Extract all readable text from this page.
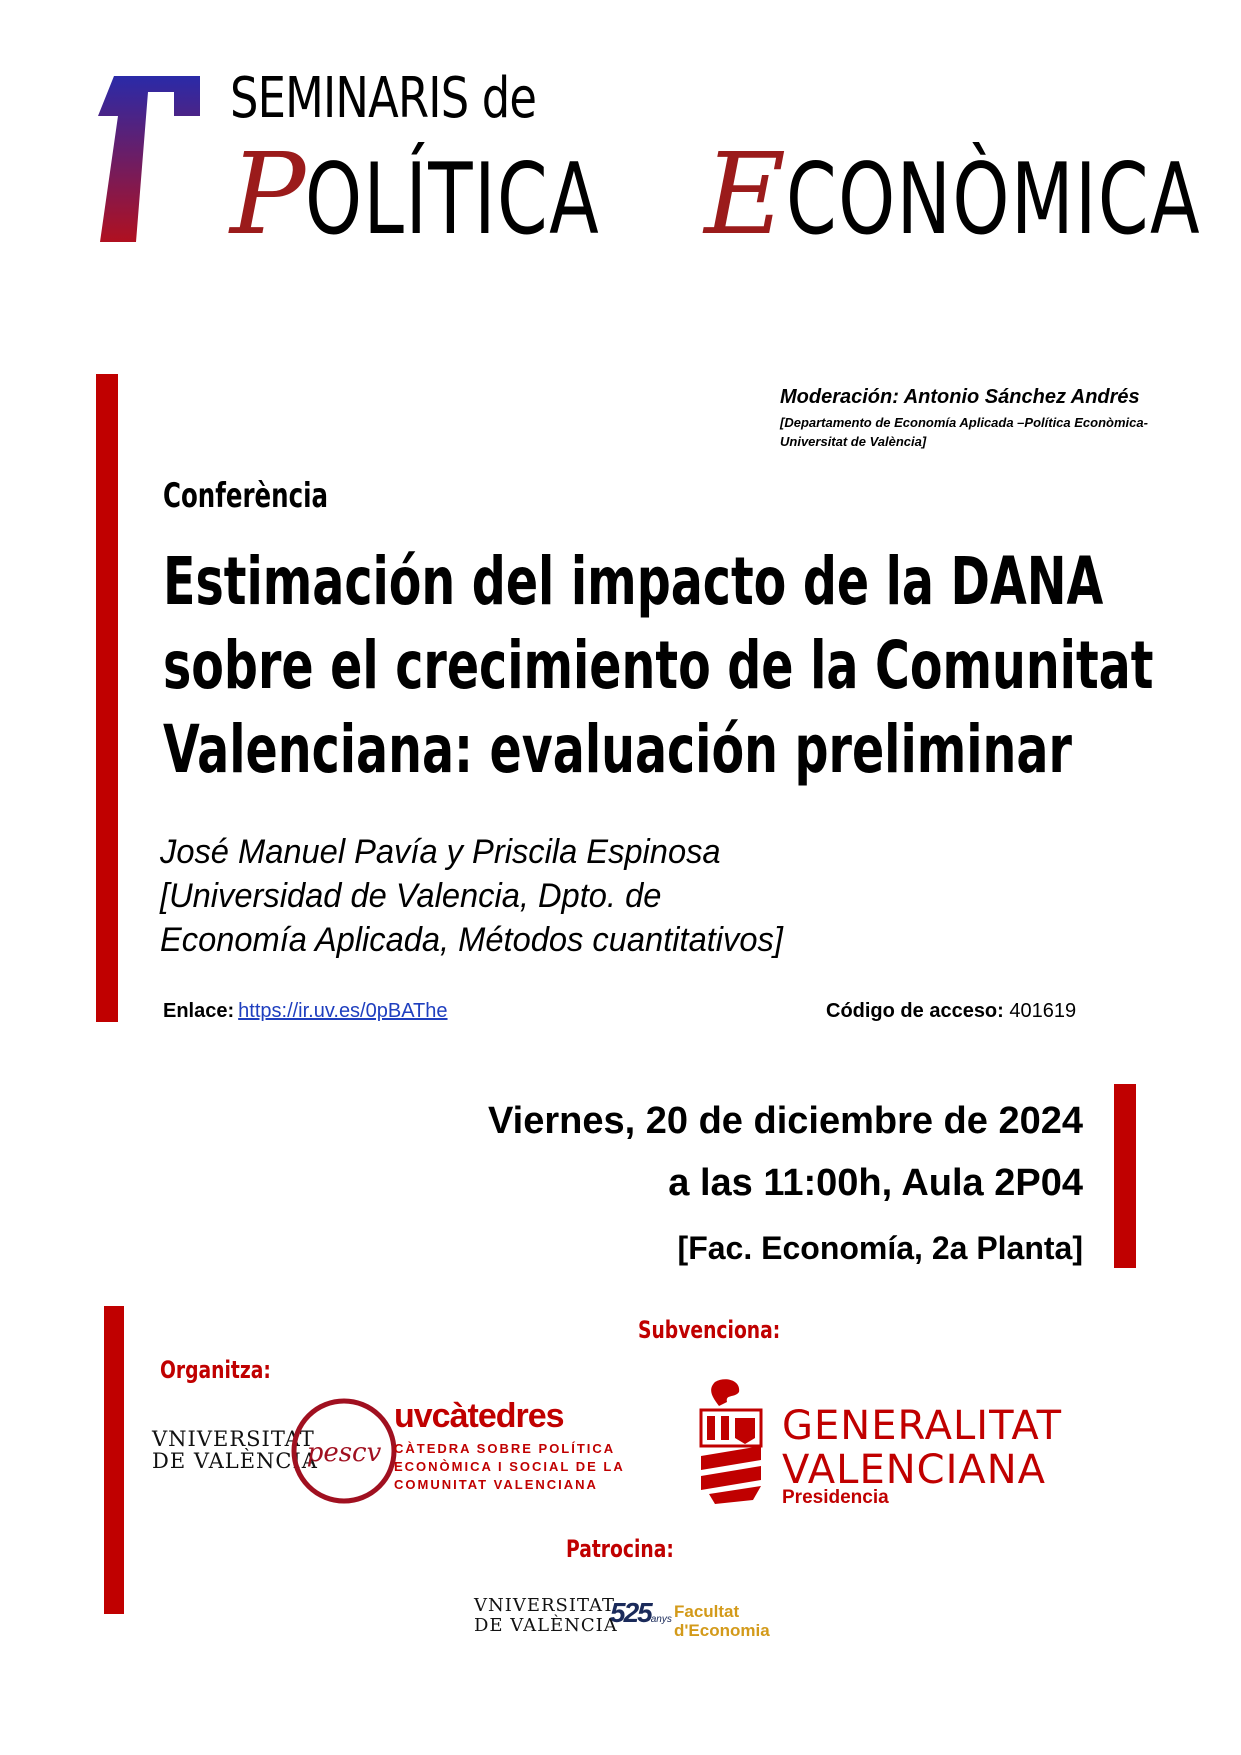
SEMINARIS de
POLÍTICAECONÒMICA
Moderación: Antonio Sánchez Andrés
[Departamento de Economía Aplicada –Política Econòmica-
Universitat de València]
Conferència
Estimación del impacto de la DANA
sobre el crecimiento de la Comunitat
Valenciana: evaluación preliminar
José Manuel Pavía y Priscila Espinosa
[Universidad de Valencia, Dpto. de
Economía Aplicada, Métodos cuantitativos]
Enlace: https://ir.uv.es/0pBAThe	Código de acceso: 401619
Viernes, 20 de diciembre de 2024
a las 11:00h, Aula 2P04
[Fac. Economía, 2a Planta]
Subvenciona:
Organitza:
VNIVERSITAT
DE VALÈNCIA
pescv
uvcàtedres
CÀTEDRA SOBRE POLÍTICA
ECONÒMICA I SOCIAL DE LA
COMUNITAT VALENCIANA
GENERALITAT
VALENCIANA
Presidencia
Patrocina:
VNIVERSITAT
DE VALÈNCIA
525anys Facultat
d'Economia
